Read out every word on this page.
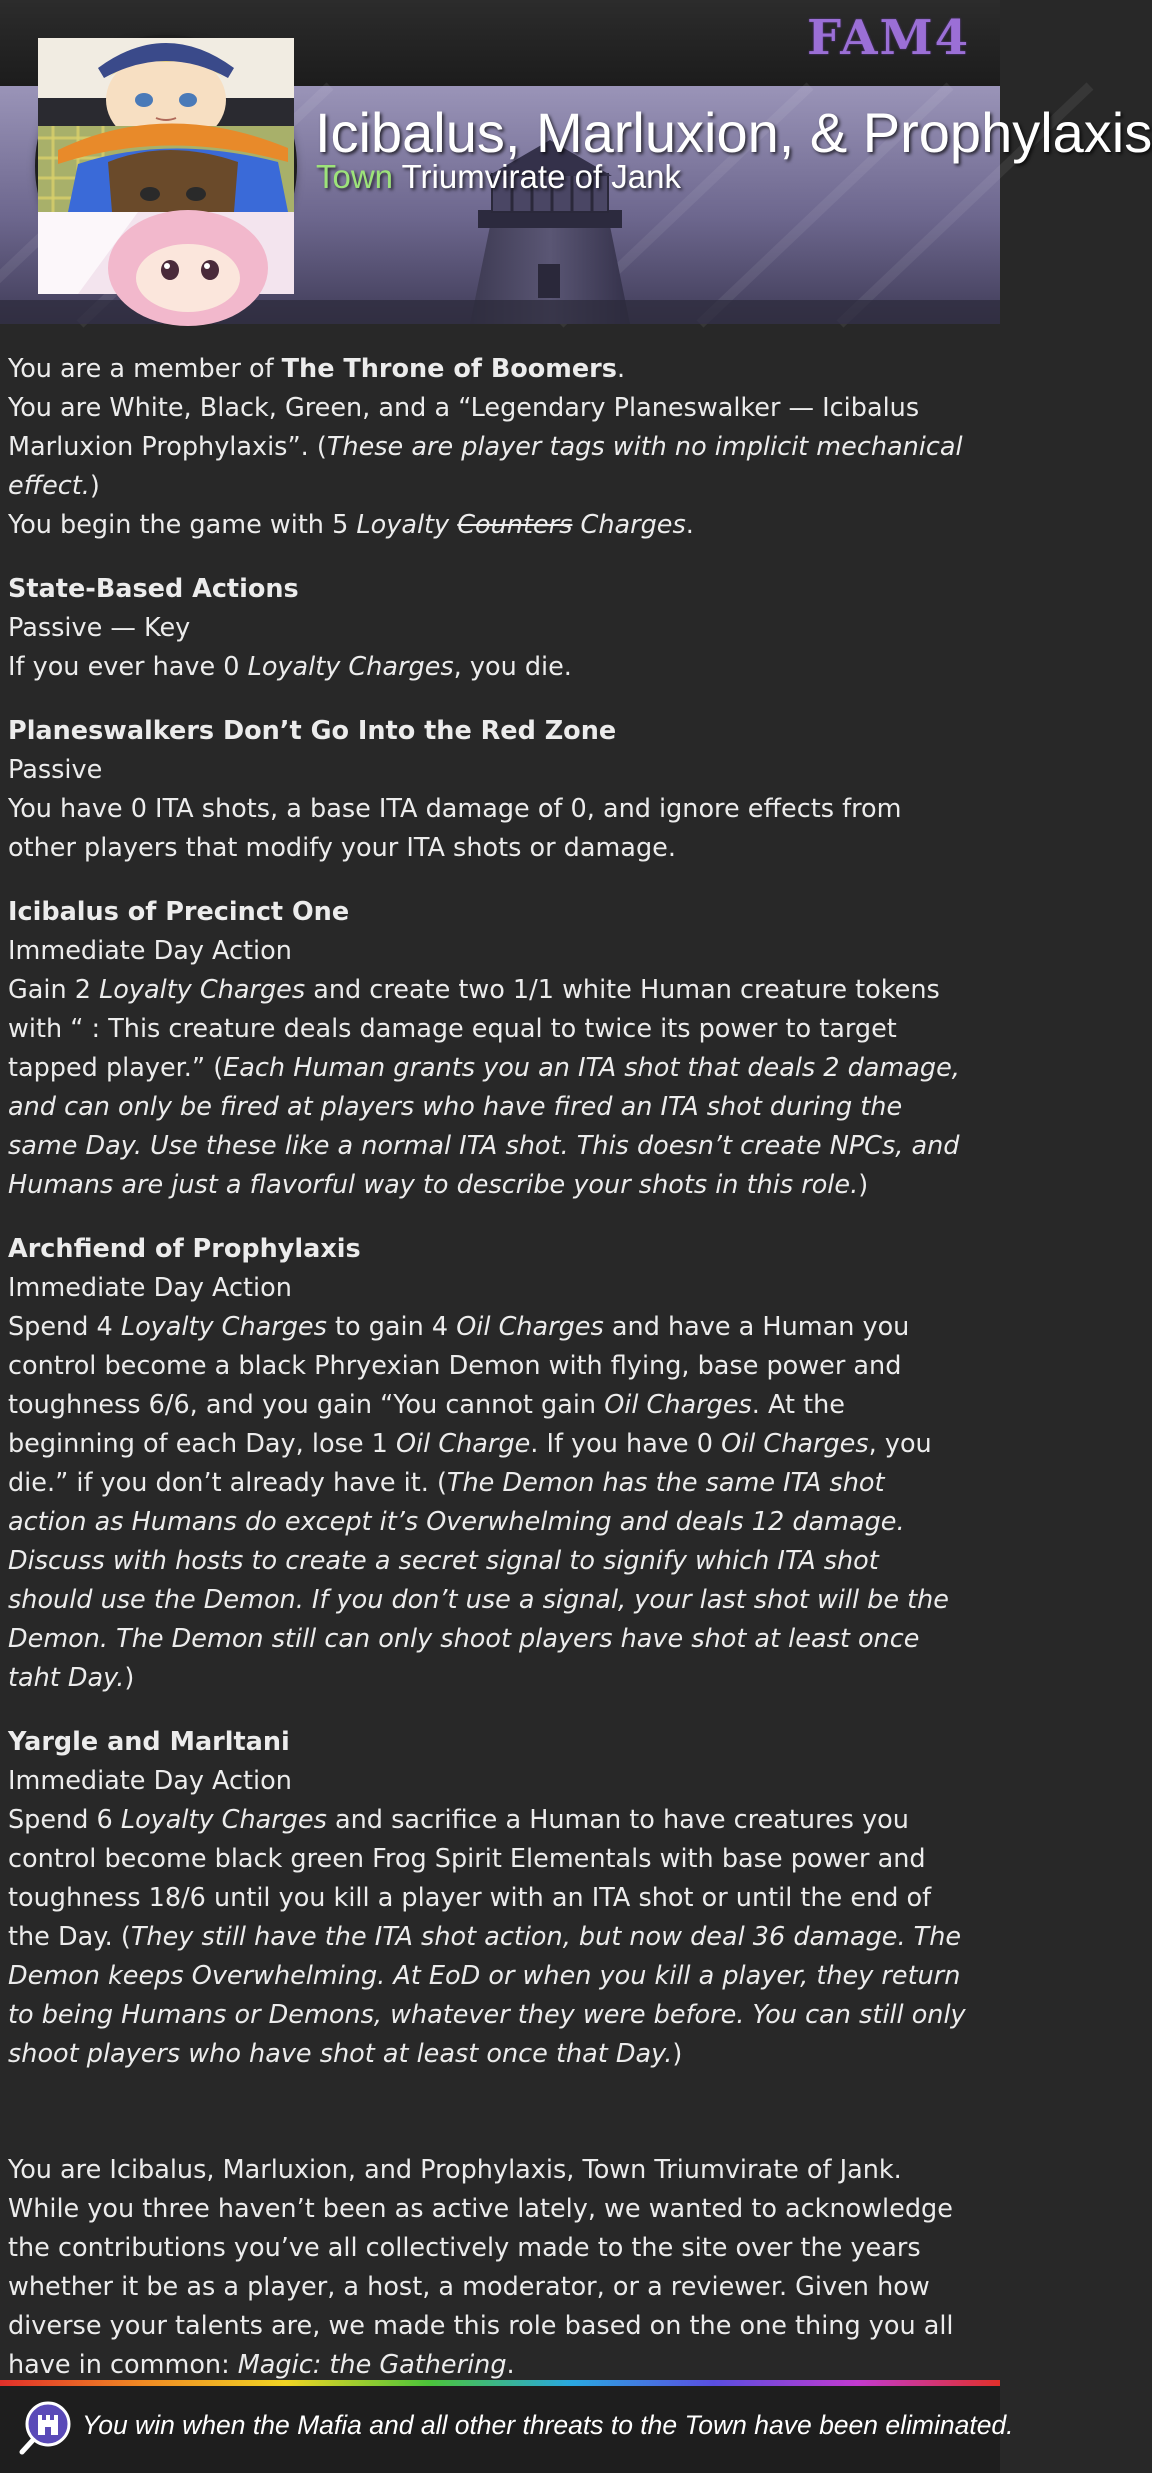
FAM4
Icibalus, Marluxion, & Prophylaxis
Town Triumvirate of Jank

You are a member of The Throne of Boomers.

You are White, Black, Green, and a “Legendary Planeswalker — Icibalus Marluxion Prophylaxis”. (These are player tags with no implicit mechanical effect.)

You begin the game with 5 Loyalty Counters Charges.

State-Based Actions

Passive — Key

If you ever have 0 Loyalty Charges, you die.

Planeswalkers Don’t Go Into the Red Zone

Passive

You have 0 ITA shots, a base ITA damage of 0, and ignore effects from other players that modify your ITA shots or damage.

Icibalus of Precinct One

Immediate Day Action

Gain 2 Loyalty Charges and create two 1/1 white Human creature tokens with “ : This creature deals damage equal to twice its power to target tapped player.” (Each Human grants you an ITA shot that deals 2 damage, and can only be fired at players who have fired an ITA shot during the same Day. Use these like a normal ITA shot. This doesn’t create NPCs, and Humans are just a flavorful way to describe your shots in this role.)

Archfiend of Prophylaxis

Immediate Day Action

Spend 4 Loyalty Charges to gain 4 Oil Charges and have a Human you control become a black Phryexian Demon with flying, base power and toughness 6/6, and you gain “You cannot gain Oil Charges. At the beginning of each Day, lose 1 Oil Charge. If you have 0 Oil Charges, you die.” if you don’t already have it. (The Demon has the same ITA shot action as Humans do except it’s Overwhelming and deals 12 damage. Discuss with hosts to create a secret signal to signify which ITA shot should use the Demon. If you don’t use a signal, your last shot will be the Demon. The Demon still can only shoot players have shot at least once taht Day.)

Yargle and Marltani

Immediate Day Action

Spend 6 Loyalty Charges and sacrifice a Human to have creatures you control become black green Frog Spirit Elementals with base power and toughness 18/6 until you kill a player with an ITA shot or until the end of the Day. (They still have the ITA shot action, but now deal 36 damage. The Demon keeps Overwhelming. At EoD or when you kill a player, they return to being Humans or Demons, whatever they were before. You can still only shoot players who have shot at least once that Day.)

You are Icibalus, Marluxion, and Prophylaxis, Town Triumvirate of Jank. While you three haven’t been as active lately, we wanted to acknowledge the contributions you’ve all collectively made to the site over the years whether it be as a player, a host, a moderator, or a reviewer. Given how diverse your talents are, we made this role based on the one thing you all have in common: Magic: the Gathering.

You win when the Mafia and all other threats to the Town have been eliminated.
